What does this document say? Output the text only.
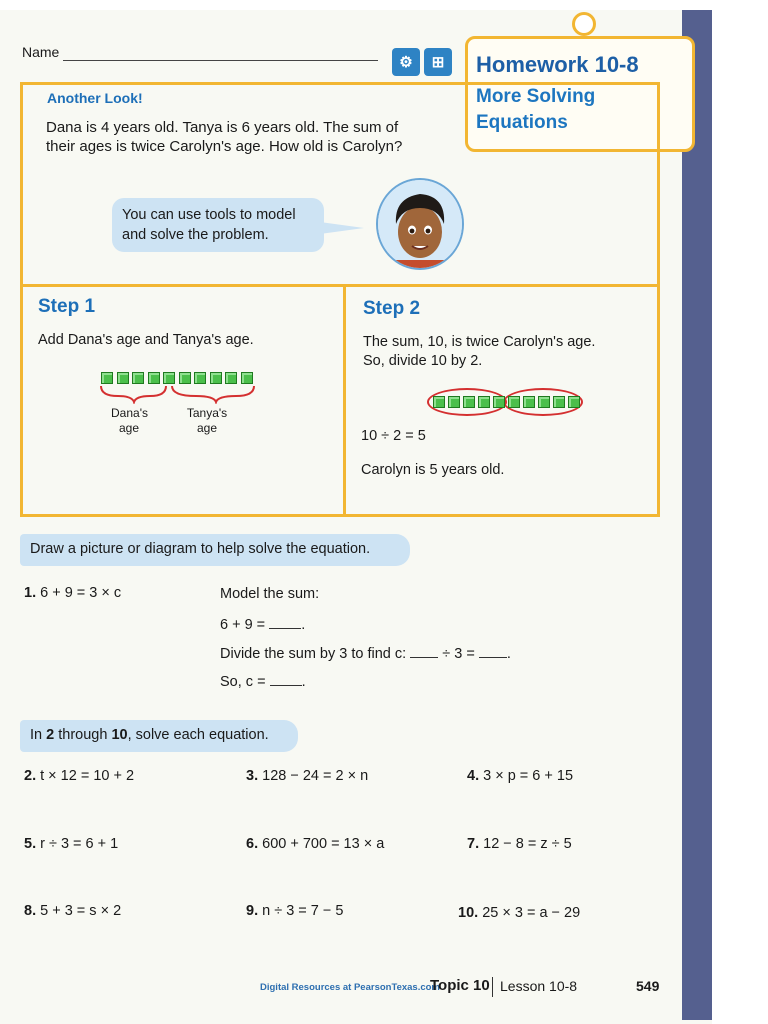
Name
⚙	⊞	Homework 10-8
More Solving
Equations
Another Look!
Dana is 4 years old. Tanya is 6 years old. The sum of their ages is twice Carolyn's age. How old is Carolyn?
You can use tools to model and solve the problem.
Step 1
Add Dana's age and Tanya's age.
Dana's
age
Tanya's
age
Step 2
The sum, 10, is twice Carolyn's age.
So, divide 10 by 2.
10 ÷ 2 = 5
Carolyn is 5 years old.
Draw a picture or diagram to help solve the equation.
1. 6 + 9 = 3 × c	Model the sum:
6 + 9 = .
Divide the sum by 3 to find c: ÷ 3 = .
So, c = .
In 2 through 10, solve each equation.
2. t × 12 = 10 + 2	3. 128 − 24 = 2 × n	4. 3 × p = 6 + 15
5. r ÷ 3 = 6 + 1	6. 600 + 700 = 13 × a	7. 12 − 8 = z ÷ 5
8. 5 + 3 = s × 2	9. n ÷ 3 = 7 − 5	10. 25 × 3 = a − 29
Digital Resources at PearsonTexas.com
Topic 10 Lesson 10-8	549
